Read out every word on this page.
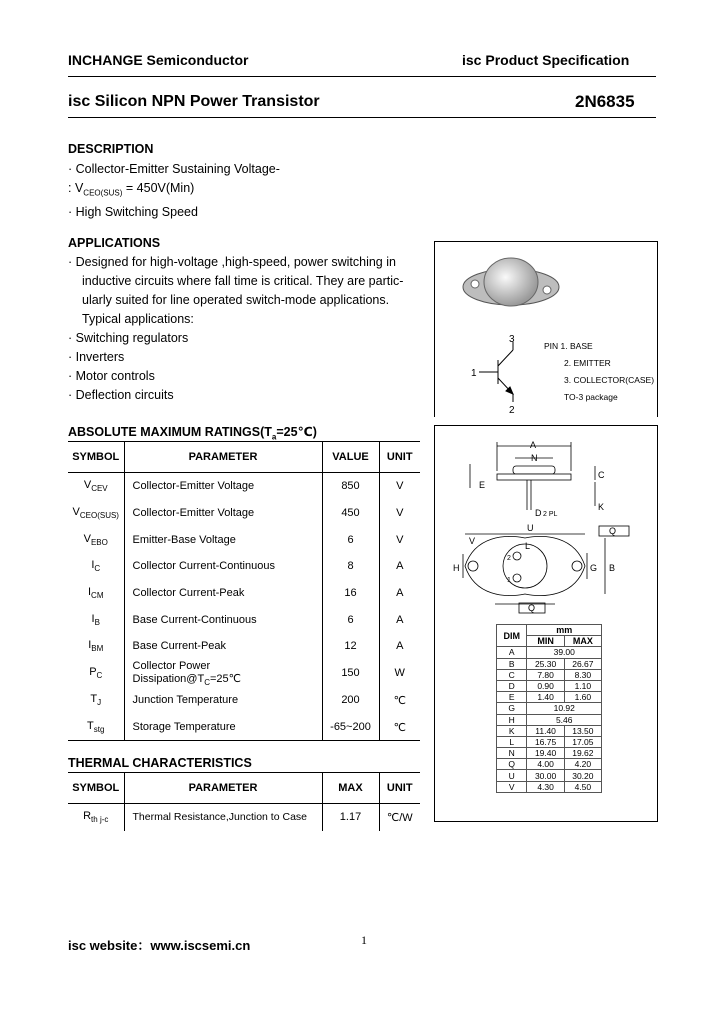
INCHANGE Semiconductor	isc Product Specification
isc Silicon NPN Power Transistor	2N6835
DESCRIPTION
· Collector-Emitter Sustaining Voltage-
: $V_{CEO(SUS)} = 450V(Min)$
· High Switching Speed
APPLICATIONS
· Designed for high-voltage ,high-speed, power switching in
inductive circuits where fall time is critical. They are partic-
ularly suited for line operated switch-mode applications.
Typical applications:
· Switching regulators
· Inverters
· Motor controls
· Deflection circuits
1
3
2
PIN 1. BASE
2. EMITTER
3. COLLECTOR(CASE)
TO-3 package
ABSOLUTE MAXIMUM $RATINGS(T_a=25℃)$
SYMBOL	PARAMETER	VALUE	UNIT
$V_{CEV}$	Collector-Emitter Voltage	850	V
$V_{CEO(SUS)}$	Collector-Emitter Voltage	450	V
$V_{EBO}$	Emitter-Base Voltage	6	V
$I_C$	Collector Current-Continuous	8	A
$I_{CM}$	Collector Current-Peak	16	A
$I_B$	Base Current-Continuous	6	A
$I_{BM}$	Base Current-Peak	12	A
$P_C$	Collector Power $Dissipation@T_C=25℃$	150	W
$T_J$	Junction Temperature	200	℃
$T_{stg}$	Storage Temperature	-65~200	℃
THERMAL CHARACTERISTICS
SYMBOL	PARAMETER	MAX	UNIT
$R_{th j-c}$	Thermal Resistance,Junction to Case	1.17	℃/W
A
N
C
E
K
D 2 PL
U
L
Q
V
G B
H
2
1
Q
DIM	mm	
	MIN	MAX
A	39.00	
B	25.30	26.67
C	7.80	8.30
D	0.90	1.10
E	1.40	1.60
G	10.92	
H	5.46	
K	11.40	13.50
L	16.75	17.05
N	19.40	19.62
Q	4.00	4.20
U	30.00	30.20
V	4.30	4.50
isc website：www.iscsemi.cn	1
